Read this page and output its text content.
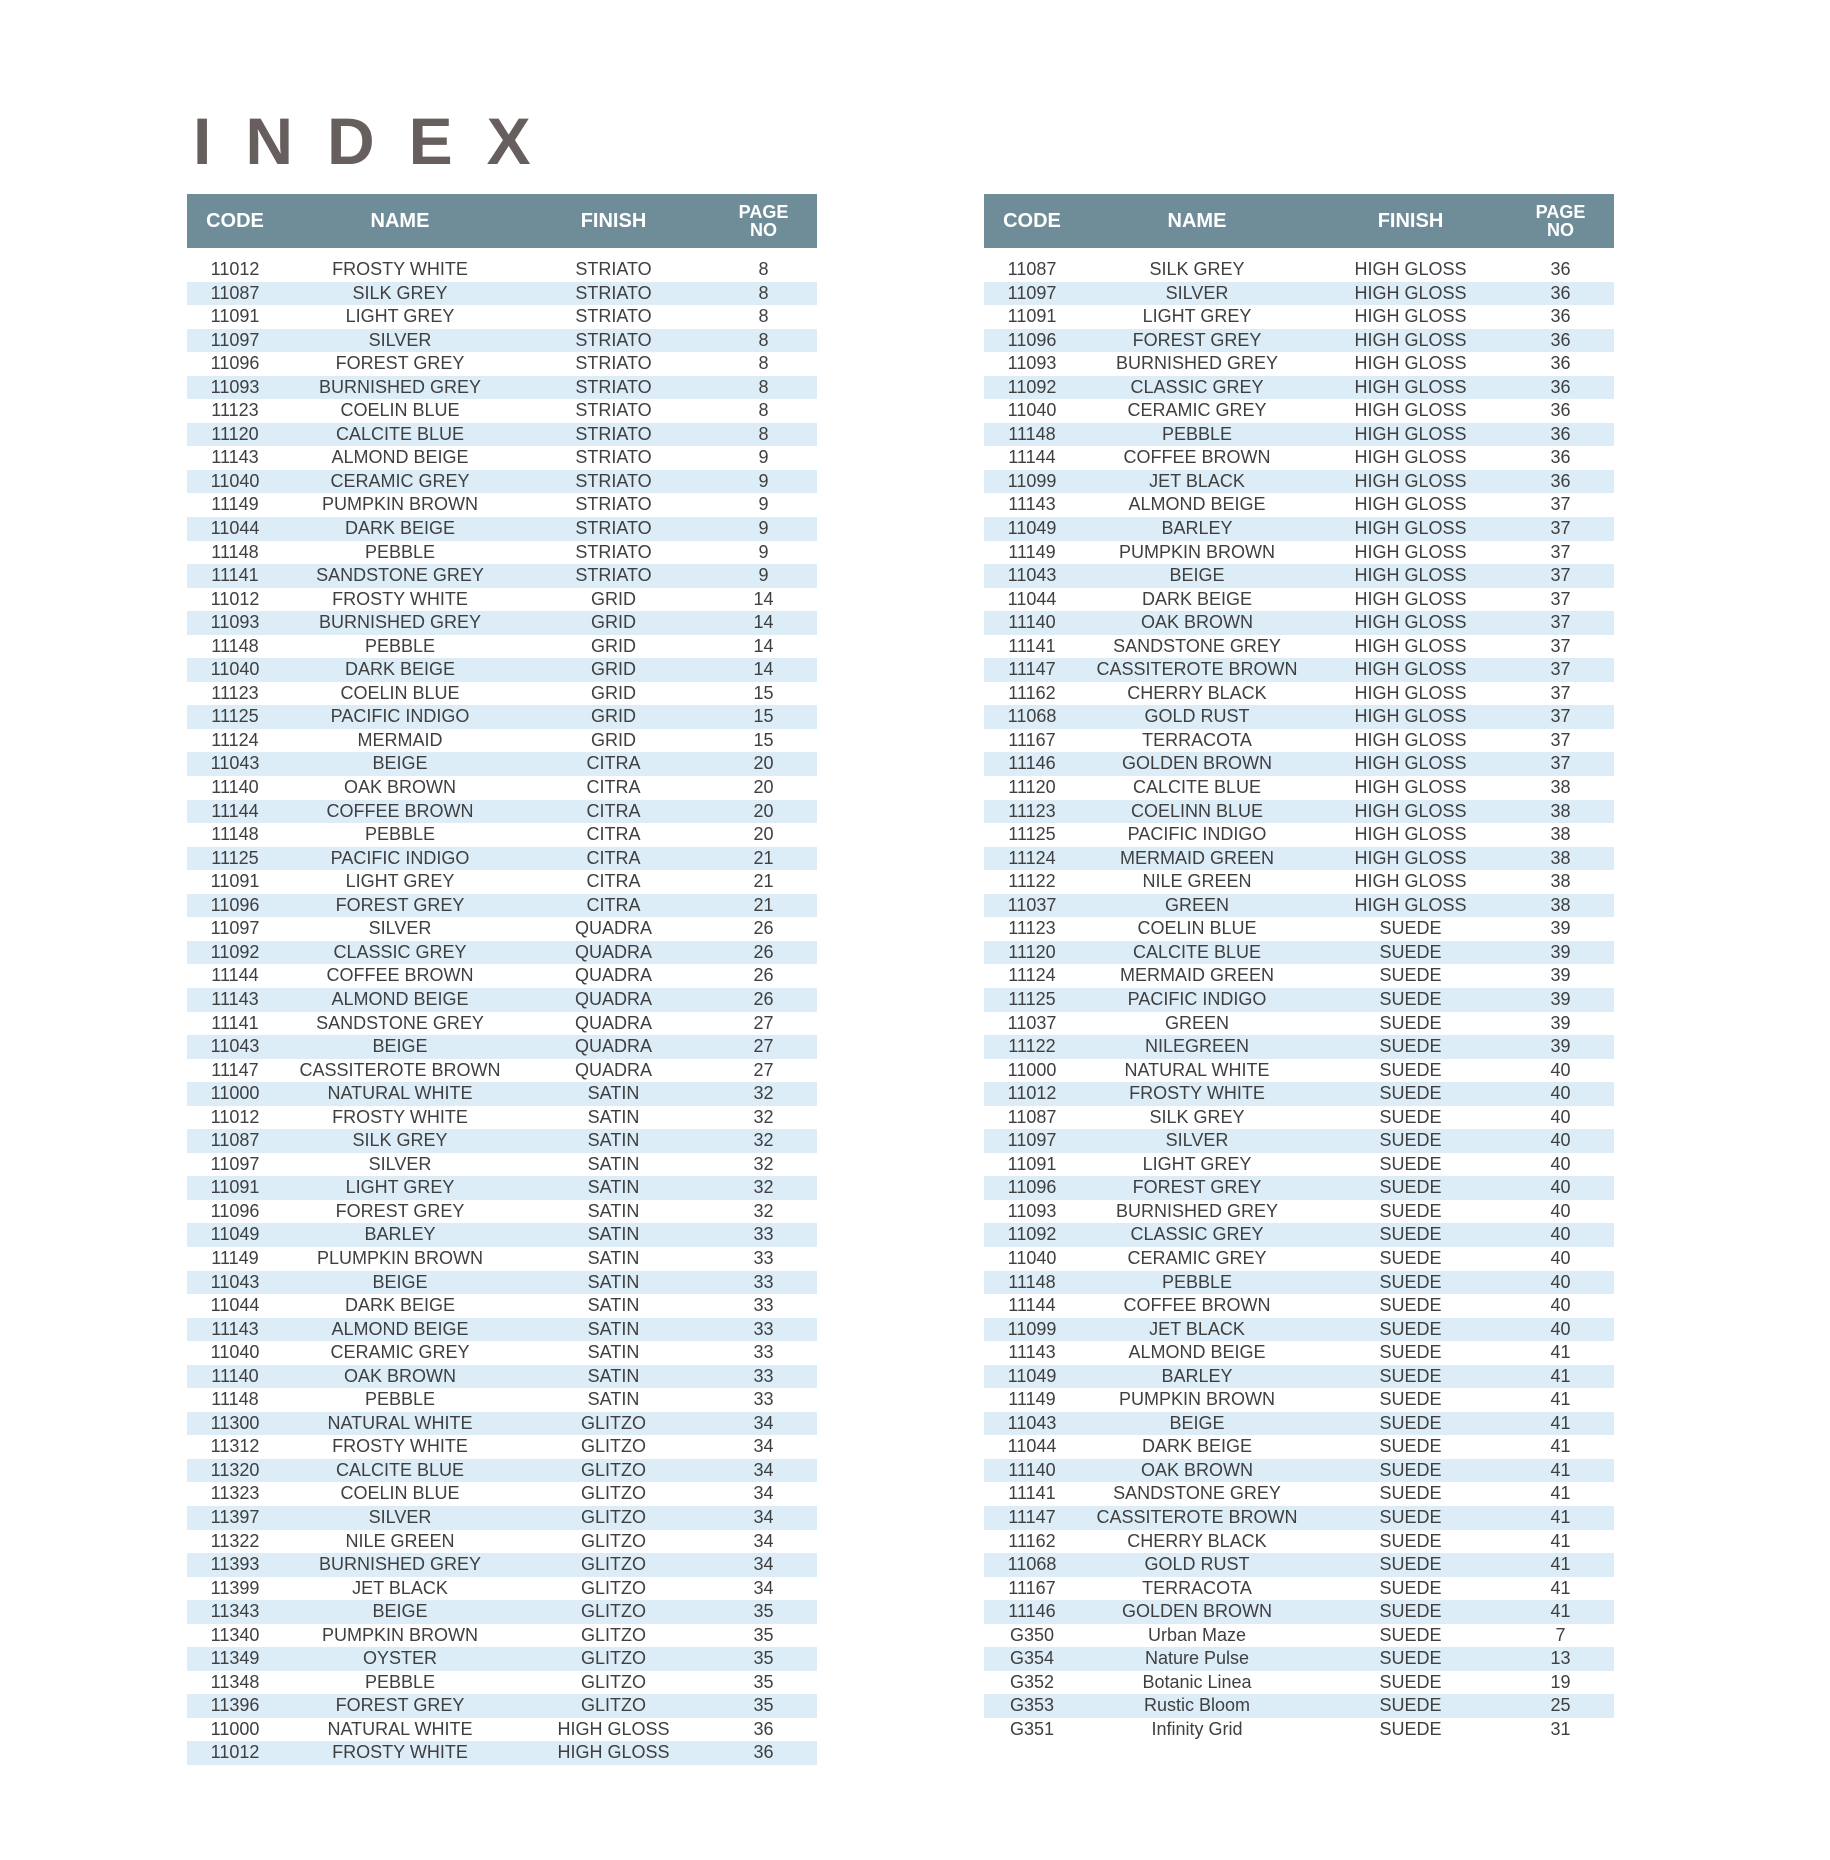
INDEX
CODE	NAME	FINISH	PAGE
NO
11012	FROSTY WHITE	STRIATO	8
11087	SILK GREY	STRIATO	8
11091	LIGHT GREY	STRIATO	8
11097	SILVER	STRIATO	8
11096	FOREST GREY	STRIATO	8
11093	BURNISHED GREY	STRIATO	8
11123	COELIN BLUE	STRIATO	8
11120	CALCITE BLUE	STRIATO	8
11143	ALMOND BEIGE	STRIATO	9
11040	CERAMIC GREY	STRIATO	9
11149	PUMPKIN BROWN	STRIATO	9
11044	DARK BEIGE	STRIATO	9
11148	PEBBLE	STRIATO	9
11141	SANDSTONE GREY	STRIATO	9
11012	FROSTY WHITE	GRID	14
11093	BURNISHED GREY	GRID	14
11148	PEBBLE	GRID	14
11040	DARK BEIGE	GRID	14
11123	COELIN BLUE	GRID	15
11125	PACIFIC INDIGO	GRID	15
11124	MERMAID	GRID	15
11043	BEIGE	CITRA	20
11140	OAK BROWN	CITRA	20
11144	COFFEE BROWN	CITRA	20
11148	PEBBLE	CITRA	20
11125	PACIFIC INDIGO	CITRA	21
11091	LIGHT GREY	CITRA	21
11096	FOREST GREY	CITRA	21
11097	SILVER	QUADRA	26
11092	CLASSIC GREY	QUADRA	26
11144	COFFEE BROWN	QUADRA	26
11143	ALMOND BEIGE	QUADRA	26
11141	SANDSTONE GREY	QUADRA	27
11043	BEIGE	QUADRA	27
11147	CASSITEROTE BROWN	QUADRA	27
11000	NATURAL WHITE	SATIN	32
11012	FROSTY WHITE	SATIN	32
11087	SILK GREY	SATIN	32
11097	SILVER	SATIN	32
11091	LIGHT GREY	SATIN	32
11096	FOREST GREY	SATIN	32
11049	BARLEY	SATIN	33
11149	PLUMPKIN BROWN	SATIN	33
11043	BEIGE	SATIN	33
11044	DARK BEIGE	SATIN	33
11143	ALMOND BEIGE	SATIN	33
11040	CERAMIC GREY	SATIN	33
11140	OAK BROWN	SATIN	33
11148	PEBBLE	SATIN	33
11300	NATURAL WHITE	GLITZO	34
11312	FROSTY WHITE	GLITZO	34
11320	CALCITE BLUE	GLITZO	34
11323	COELIN BLUE	GLITZO	34
11397	SILVER	GLITZO	34
11322	NILE GREEN	GLITZO	34
11393	BURNISHED GREY	GLITZO	34
11399	JET BLACK	GLITZO	34
11343	BEIGE	GLITZO	35
11340	PUMPKIN BROWN	GLITZO	35
11349	OYSTER	GLITZO	35
11348	PEBBLE	GLITZO	35
11396	FOREST GREY	GLITZO	35
11000	NATURAL WHITE	HIGH GLOSS	36
11012	FROSTY WHITE	HIGH GLOSS	36
CODE	NAME	FINISH	PAGE
NO
11087	SILK GREY	HIGH GLOSS	36
11097	SILVER	HIGH GLOSS	36
11091	LIGHT GREY	HIGH GLOSS	36
11096	FOREST GREY	HIGH GLOSS	36
11093	BURNISHED GREY	HIGH GLOSS	36
11092	CLASSIC GREY	HIGH GLOSS	36
11040	CERAMIC GREY	HIGH GLOSS	36
11148	PEBBLE	HIGH GLOSS	36
11144	COFFEE BROWN	HIGH GLOSS	36
11099	JET BLACK	HIGH GLOSS	36
11143	ALMOND BEIGE	HIGH GLOSS	37
11049	BARLEY	HIGH GLOSS	37
11149	PUMPKIN BROWN	HIGH GLOSS	37
11043	BEIGE	HIGH GLOSS	37
11044	DARK BEIGE	HIGH GLOSS	37
11140	OAK BROWN	HIGH GLOSS	37
11141	SANDSTONE GREY	HIGH GLOSS	37
11147	CASSITEROTE BROWN	HIGH GLOSS	37
11162	CHERRY BLACK	HIGH GLOSS	37
11068	GOLD RUST	HIGH GLOSS	37
11167	TERRACOTA	HIGH GLOSS	37
11146	GOLDEN BROWN	HIGH GLOSS	37
11120	CALCITE BLUE	HIGH GLOSS	38
11123	COELINN BLUE	HIGH GLOSS	38
11125	PACIFIC INDIGO	HIGH GLOSS	38
11124	MERMAID GREEN	HIGH GLOSS	38
11122	NILE GREEN	HIGH GLOSS	38
11037	GREEN	HIGH GLOSS	38
11123	COELIN BLUE	SUEDE	39
11120	CALCITE BLUE	SUEDE	39
11124	MERMAID GREEN	SUEDE	39
11125	PACIFIC INDIGO	SUEDE	39
11037	GREEN	SUEDE	39
11122	NILEGREEN	SUEDE	39
11000	NATURAL WHITE	SUEDE	40
11012	FROSTY WHITE	SUEDE	40
11087	SILK GREY	SUEDE	40
11097	SILVER	SUEDE	40
11091	LIGHT GREY	SUEDE	40
11096	FOREST GREY	SUEDE	40
11093	BURNISHED GREY	SUEDE	40
11092	CLASSIC GREY	SUEDE	40
11040	CERAMIC GREY	SUEDE	40
11148	PEBBLE	SUEDE	40
11144	COFFEE BROWN	SUEDE	40
11099	JET BLACK	SUEDE	40
11143	ALMOND BEIGE	SUEDE	41
11049	BARLEY	SUEDE	41
11149	PUMPKIN BROWN	SUEDE	41
11043	BEIGE	SUEDE	41
11044	DARK BEIGE	SUEDE	41
11140	OAK BROWN	SUEDE	41
11141	SANDSTONE GREY	SUEDE	41
11147	CASSITEROTE BROWN	SUEDE	41
11162	CHERRY BLACK	SUEDE	41
11068	GOLD RUST	SUEDE	41
11167	TERRACOTA	SUEDE	41
11146	GOLDEN BROWN	SUEDE	41
G350	Urban Maze	SUEDE	7
G354	Nature Pulse	SUEDE	13
G352	Botanic Linea	SUEDE	19
G353	Rustic Bloom	SUEDE	25
G351	Infinity Grid	SUEDE	31
